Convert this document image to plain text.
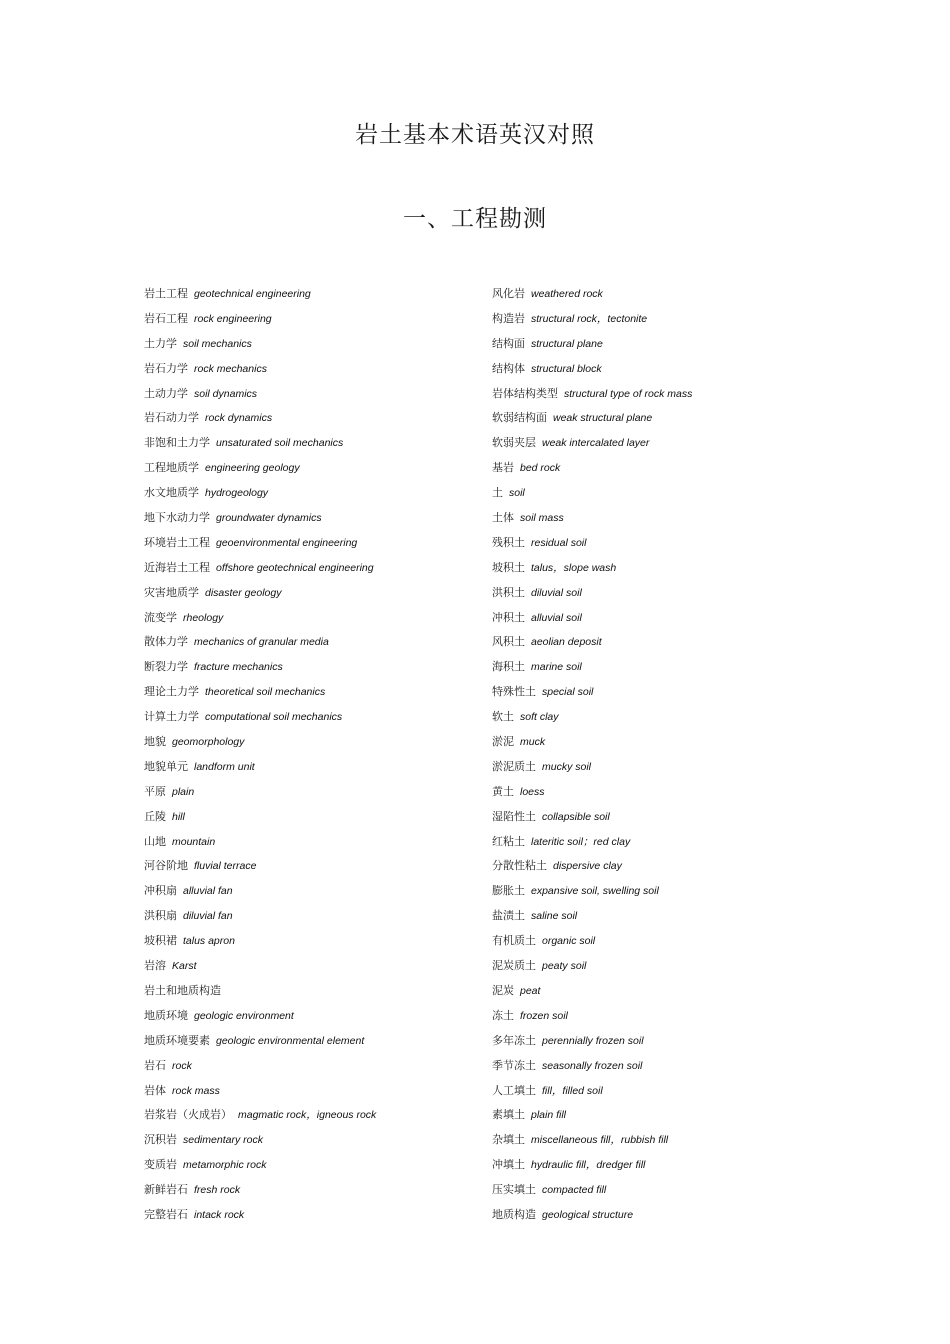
岩土基本术语英汉对照
一、工程勘测
岩土工程 geotechnical engineering
岩石工程 rock engineering
土力学 soil mechanics
岩石力学 rock mechanics
土动力学 soil dynamics
岩石动力学 rock dynamics
非饱和土力学 unsaturated soil mechanics
工程地质学 engineering geology
水文地质学 hydrogeology
地下水动力学 groundwater dynamics
环境岩土工程 geoenvironmental engineering
近海岩土工程 offshore geotechnical engineering
灾害地质学 disaster geology
流变学 rheology
散体力学 mechanics of granular media
断裂力学 fracture mechanics
理论土力学 theoretical soil mechanics
计算土力学 computational soil mechanics
地貌 geomorphology
地貌单元 landform unit
平原 plain
丘陵 hill
山地 mountain
河谷阶地 fluvial terrace
冲积扇 alluvial fan
洪积扇 diluvial fan
坡积裙 talus apron
岩溶 Karst
岩土和地质构造
地质环境 geologic environment
地质环境要素 geologic environmental element
岩石 rock
岩体 rock mass
岩浆岩（火成岩） magmatic rock，igneous rock
沉积岩 sedimentary rock
变质岩 metamorphic rock
新鲜岩石 fresh rock
完整岩石 intack rock
风化岩 weathered rock
构造岩 structural rock，tectonite
结构面 structural plane
结构体 structural block
岩体结构类型 structural type of rock mass
软弱结构面 weak structural plane
软弱夹层 weak intercalated layer
基岩 bed rock
土 soil
土体 soil mass
残积土 residual soil
坡积土 talus，slope wash
洪积土 diluvial soil
冲积土 alluvial soil
风积土 aeolian deposit
海积土 marine soil
特殊性土 special soil
软土 soft clay
淤泥 muck
淤泥质土 mucky soil
黄土 loess
湿陷性土 collapsible soil
红粘土 lateritic soil；red clay
分散性粘土 dispersive clay
膨胀土 expansive soil, swelling soil
盐渍土 saline soil
有机质土 organic soil
泥炭质土 peaty soil
泥炭 peat
冻土 frozen soil
多年冻土 perennially frozen soil
季节冻土 seasonally frozen soil
人工填土 fill，filled soil
素填土 plain fill
杂填土 miscellaneous fill，rubbish fill
冲填土 hydraulic fill，dredger fill
压实填土 compacted fill
地质构造 geological structure
